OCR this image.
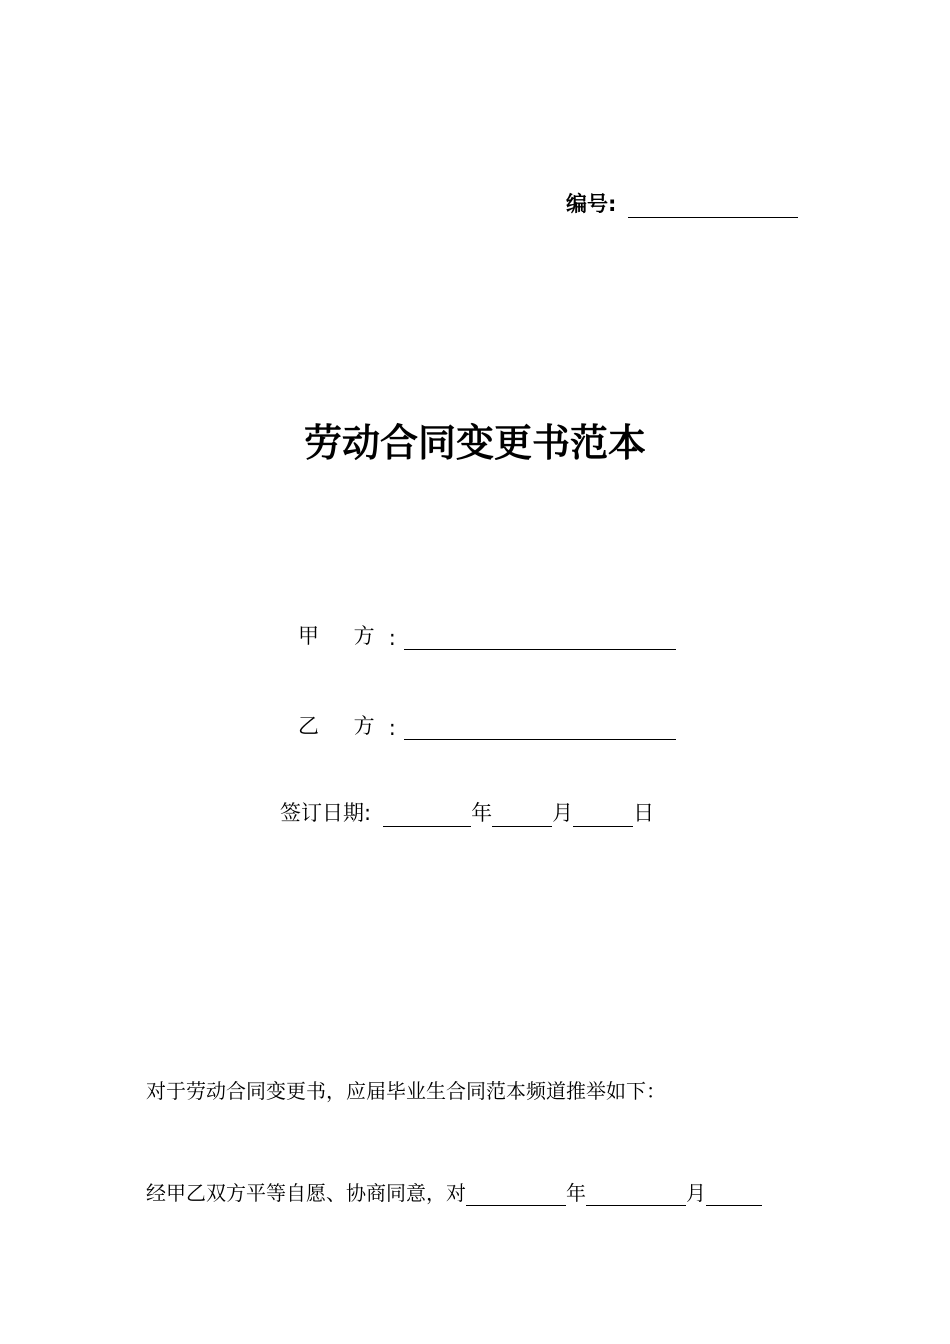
编号:
劳动合同变更书范本
甲 方 :
乙 方 :
签订日期:	年	月	日
对于劳动合同变更书，应届毕业生合同范本频道推举如下：
经甲乙双方平等自愿、协商同意，对	年	月
